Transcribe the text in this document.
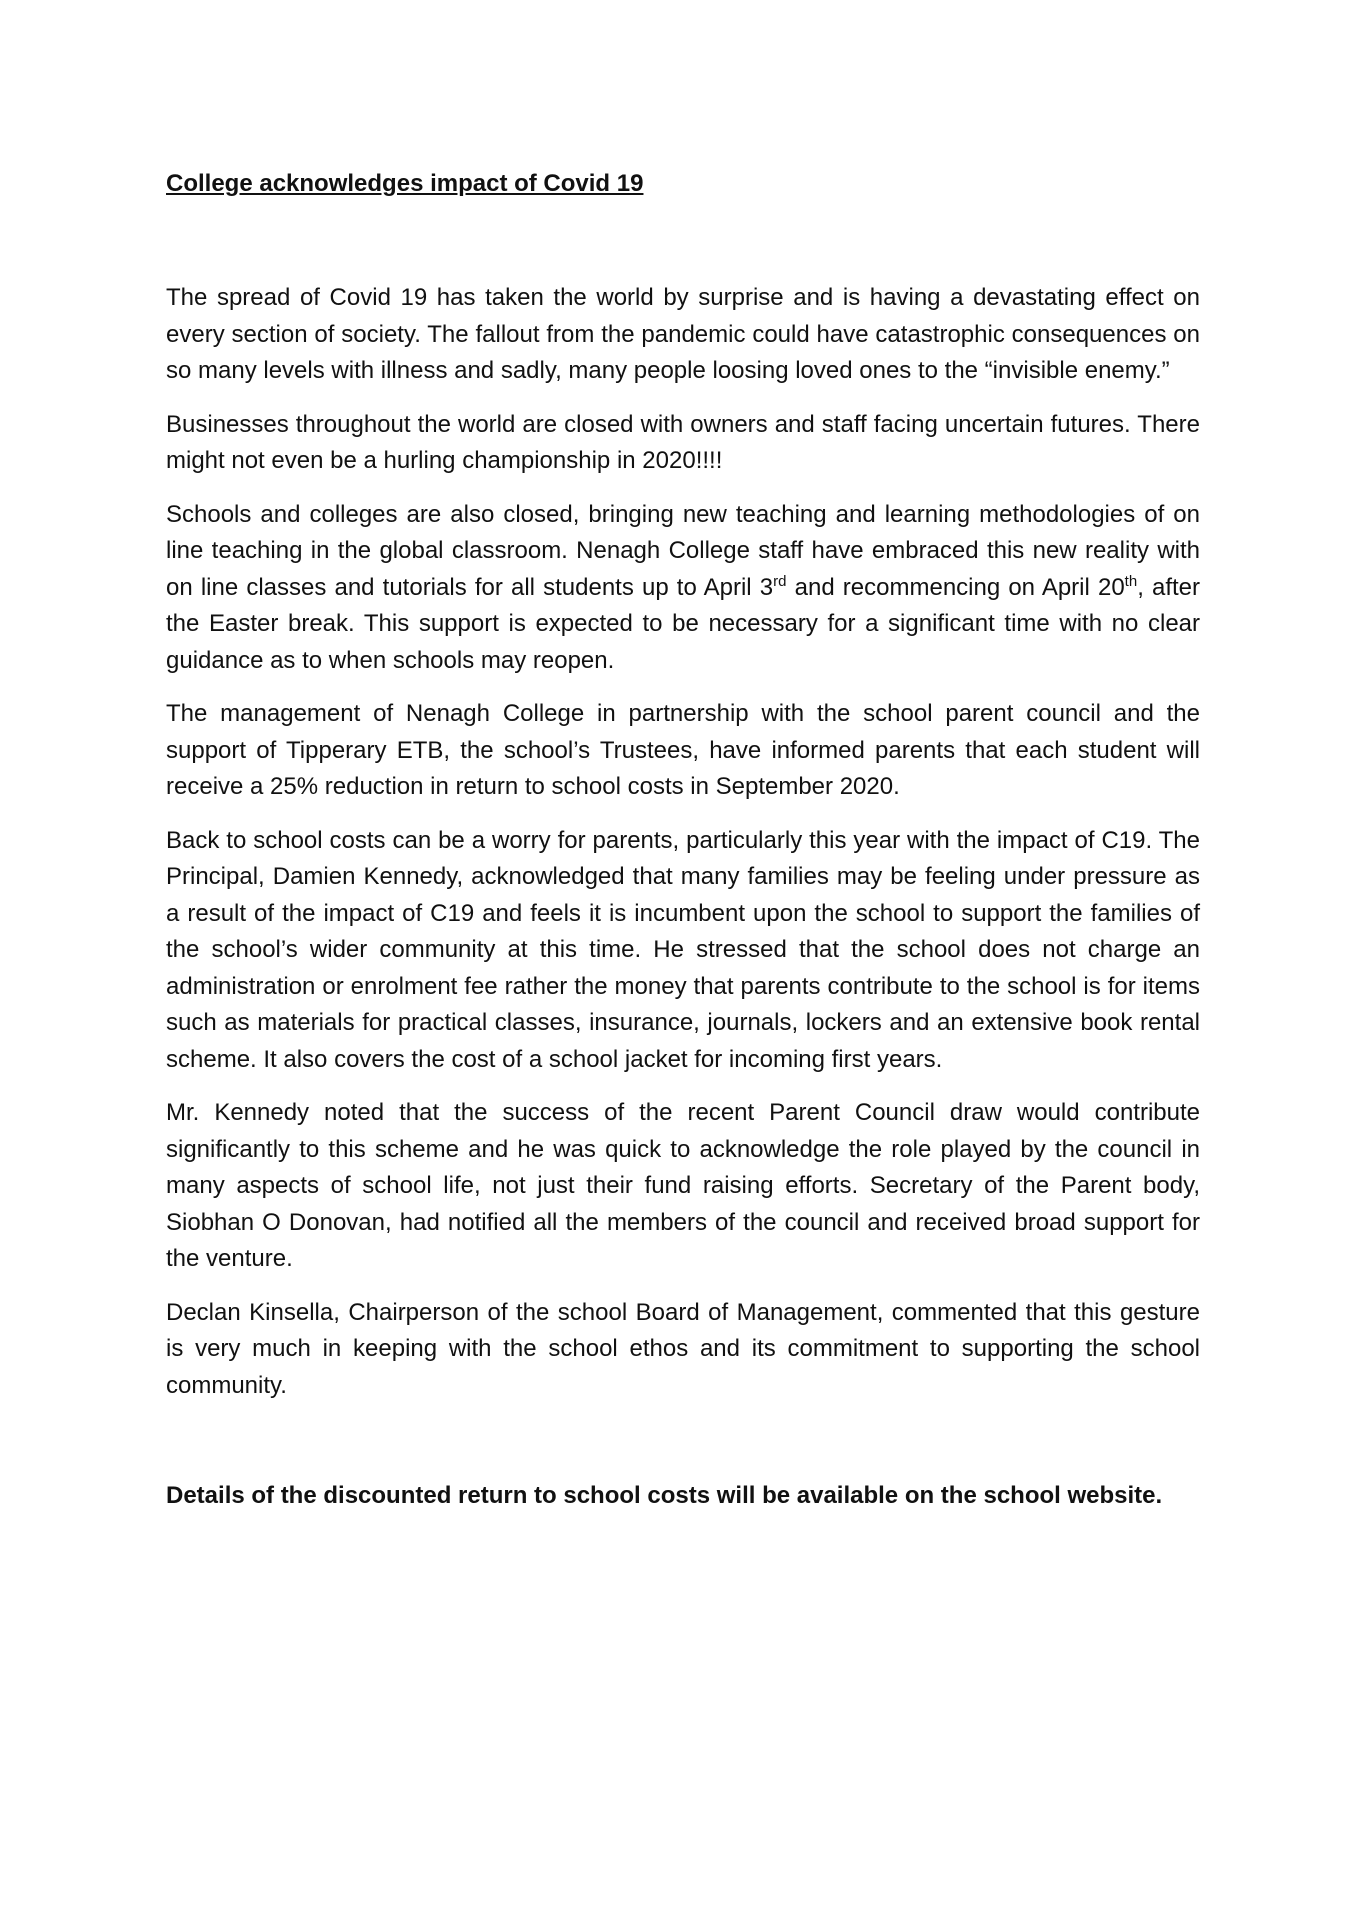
College acknowledges impact of Covid 19

The spread of Covid 19 has taken the world by surprise and is having a devastating effect on every section of society. The fallout from the pandemic could have catastrophic consequences on so many levels with illness and sadly, many people loosing loved ones to the “invisible enemy.”

Businesses throughout the world are closed with owners and staff facing uncertain futures. There might not even be a hurling championship in 2020!!!!

Schools and colleges are also closed, bringing new teaching and learning methodologies of on line teaching in the global classroom. Nenagh College staff have embraced this new reality with on line classes and tutorials for all students up to April 3rd and recommencing on April 20th, after the Easter break. This support is expected to be necessary for a significant time with no clear guidance as to when schools may reopen.

The management of Nenagh College in partnership with the school parent council and the support of Tipperary ETB, the school’s Trustees, have informed parents that each student will receive a 25% reduction in return to school costs in September 2020.

Back to school costs can be a worry for parents, particularly this year with the impact of C19. The Principal, Damien Kennedy, acknowledged that many families may be feeling under pressure as a result of the impact of C19 and feels it is incumbent upon the school to support the families of the school’s wider community at this time. He stressed that the school does not charge an administration or enrolment fee rather the money that parents contribute to the school is for items such as materials for practical classes, insurance, journals, lockers and an extensive book rental scheme. It also covers the cost of a school jacket for incoming first years.

Mr. Kennedy noted that the success of the recent Parent Council draw would contribute significantly to this scheme and he was quick to acknowledge the role played by the council in many aspects of school life, not just their fund raising efforts. Secretary of the Parent body, Siobhan O Donovan, had notified all the members of the council and received broad support for the venture.

Declan Kinsella, Chairperson of the school Board of Management, commented that this gesture is very much in keeping with the school ethos and its commitment to supporting the school community.

Details of the discounted return to school costs will be available on the school website.
